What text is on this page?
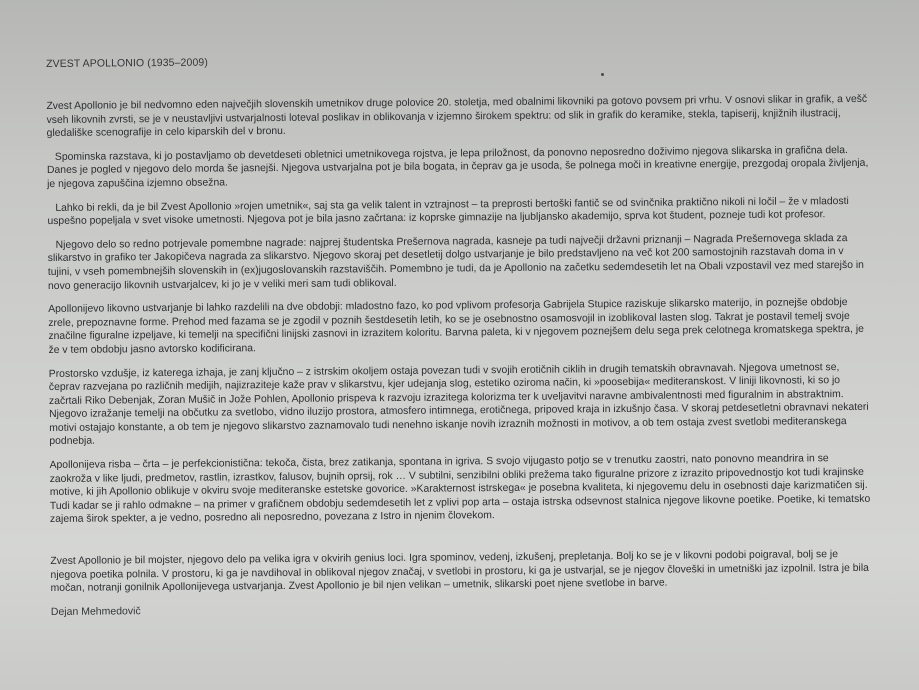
ZVEST APOLLONIO (1935–2009)

Zvest Apollonio je bil nedvomno eden največjih slovenskih umetnikov druge polovice 20. stoletja, med obalnimi likovniki pa gotovo povsem pri vrhu. V osnovi slikar in grafik, a vešč vseh likovnih zvrsti, se je v neustavljivi ustvarjalnosti loteval poslikav in oblikovanja v izjemno širokem spektru: od slik in grafik do keramike, stekla, tapiserij, knjižnih ilustracij, gledališke scenografije in celo kiparskih del v bronu.

Spominska razstava, ki jo postavljamo ob devetdeseti obletnici umetnikovega rojstva, je lepa priložnost, da ponovno neposredno doživimo njegova slikarska in grafična dela. Danes je pogled v njegovo delo morda še jasnejši. Njegova ustvarjalna pot je bila bogata, in čeprav ga je usoda, še polnega moči in kreativne energije, prezgodaj oropala življenja, je njegova zapuščina izjemno obsežna.

Lahko bi rekli, da je bil Zvest Apollonio »rojen umetnik«, saj sta ga velik talent in vztrajnost – ta preprosti bertoški fantič se od svinčnika praktično nikoli ni ločil – že v mladosti uspešno popeljala v svet visoke umetnosti. Njegova pot je bila jasno začrtana: iz koprske gimnazije na ljubljansko akademijo, sprva kot študent, pozneje tudi kot profesor.

Njegovo delo so redno potrjevale pomembne nagrade: najprej študentska Prešernova nagrada, kasneje pa tudi največji državni priznanji – Nagrada Prešernovega sklada za slikarstvo in grafiko ter Jakopičeva nagrada za slikarstvo. Njegovo skoraj pet desetletij dolgo ustvarjanje je bilo predstavljeno na več kot 200 samostojnih razstavah doma in v tujini, v vseh pomembnejših slovenskih in (ex)jugoslovanskih razstaviščih. Pomembno je tudi, da je Apollonio na začetku sedemdesetih let na Obali vzpostavil vez med starejšo in novo generacijo likovnih ustvarjalcev, ki jo je v veliki meri sam tudi oblikoval.

Apollonijevo likovno ustvarjanje bi lahko razdelili na dve obdobji: mladostno fazo, ko pod vplivom profesorja Gabrijela Stupice raziskuje slikarsko materijo, in poznejše obdobje zrele, prepoznavne forme. Prehod med fazama se je zgodil v poznih šestdesetih letih, ko se je osebnostno osamosvojil in izoblikoval lasten slog. Takrat je postavil temelj svoje značilne figuralne izpeljave, ki temelji na specifični linijski zasnovi in izrazitem koloritu. Barvna paleta, ki v njegovem poznejšem delu sega prek celotnega kromatskega spektra, je že v tem obdobju jasno avtorsko kodificirana.

Prostorsko vzdušje, iz katerega izhaja, je zanj ključno – z istrskim okoljem ostaja povezan tudi v svojih erotičnih ciklih in drugih tematskih obravnavah. Njegova umetnost se, čeprav razvejana po različnih medijih, najizraziteje kaže prav v slikarstvu, kjer udejanja slog, estetiko oziroma način, ki »poosebija« mediteranskost. V liniji likovnosti, ki so jo začrtali Riko Debenjak, Zoran Mušič in Jože Pohlen, Apollonio prispeva k razvoju izrazitega kolorizma ter k uveljavitvi naravne ambivalentnosti med figuralnim in abstraktnim. Njegovo izražanje temelji na občutku za svetlobo, vidno iluzijo prostora, atmosfero intimnega, erotičnega, pripoved kraja in izkušnjo časa. V skoraj petdesetletni obravnavi nekateri motivi ostajajo konstante, a ob tem je njegovo slikarstvo zaznamovalo tudi nenehno iskanje novih izraznih možnosti in motivov, a ob tem ostaja zvest svetlobi mediteranskega podnebja.

Apollonijeva risba – črta – je perfekcionistična: tekoča, čista, brez zatikanja, spontana in igriva. S svojo vijugasto potjo se v trenutku zaostri, nato ponovno meandrira in se zaokroža v like ljudi, predmetov, rastlin, izrastkov, falusov, bujnih oprsij, rok … V subtilni, senzibilni obliki prežema tako figuralne prizore z izrazito pripovednostjo kot tudi krajinske motive, ki jih Apollonio oblikuje v okviru svoje mediteranske estetske govorice. »Karakternost istrskega« je posebna kvaliteta, ki njegovemu delu in osebnosti daje karizmatičen sij. Tudi kadar se ji rahlo odmakne – na primer v grafičnem obdobju sedemdesetih let z vplivi pop arta – ostaja istrska odsevnost stalnica njegove likovne poetike. Poetike, ki tematsko zajema širok spekter, a je vedno, posredno ali neposredno, povezana z Istro in njenim človekom.

Zvest Apollonio je bil mojster, njegovo delo pa velika igra v okvirih genius loci. Igra spominov, vedenj, izkušenj, prepletanja. Bolj ko se je v likovni podobi poigraval, bolj se je njegova poetika polnila. V prostoru, ki ga je navdihoval in oblikoval njegov značaj, v svetlobi in prostoru, ki ga je ustvarjal, se je njegov človeški in umetniški jaz izpolnil. Istra je bila močan, notranji gonilnik Apollonijevega ustvarjanja. Zvest Apollonio je bil njen velikan – umetnik, slikarski poet njene svetlobe in barve.

Dejan Mehmedovič
